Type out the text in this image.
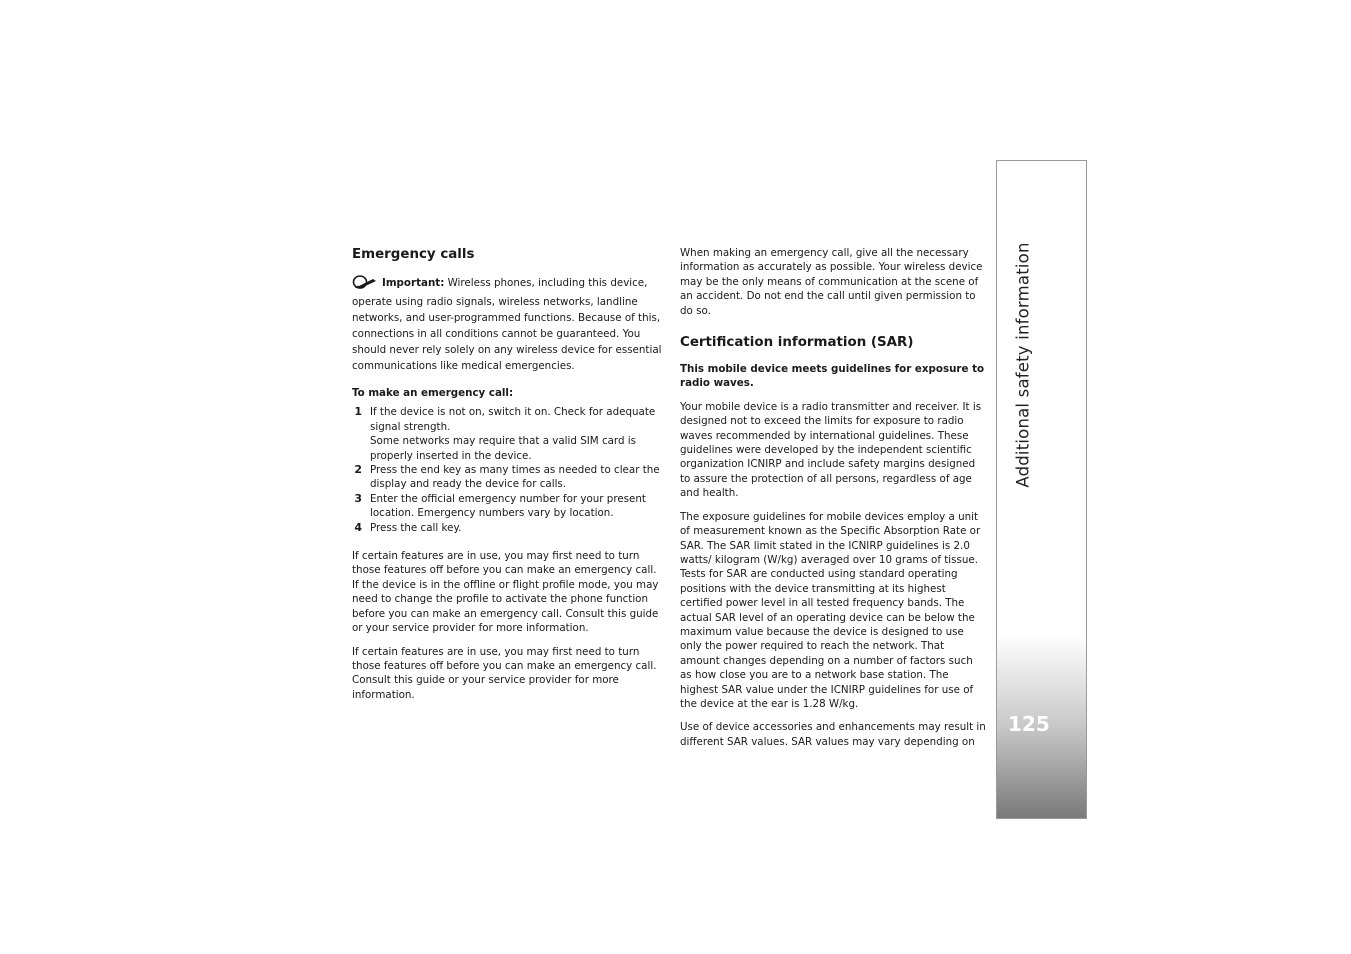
Emergency calls

Important: Wireless phones, including this device, operate using radio signals, wireless networks, landline networks, and user-programmed functions. Because of this, connections in all conditions cannot be guaranteed. You should never rely solely on any wireless device for essential communications like medical emergencies.

To make an emergency call:

1 If the device is not on, switch it on. Check for adequate signal strength.
Some networks may require that a valid SIM card is properly inserted in the device.
2 Press the end key as many times as needed to clear the display and ready the device for calls.
3 Enter the official emergency number for your present location. Emergency numbers vary by location.
4 Press the call key.

If certain features are in use, you may first need to turn those features off before you can make an emergency call. If the device is in the offline or flight profile mode, you may need to change the profile to activate the phone function before you can make an emergency call. Consult this guide or your service provider for more information.

If certain features are in use, you may first need to turn those features off before you can make an emergency call. Consult this guide or your service provider for more information.

When making an emergency call, give all the necessary information as accurately as possible. Your wireless device may be the only means of communication at the scene of an accident. Do not end the call until given permission to do so.

Certification information (SAR)

This mobile device meets guidelines for exposure to radio waves.

Your mobile device is a radio transmitter and receiver. It is designed not to exceed the limits for exposure to radio waves recommended by international guidelines. These guidelines were developed by the independent scientific organization ICNIRP and include safety margins designed to assure the protection of all persons, regardless of age and health.

The exposure guidelines for mobile devices employ a unit of measurement known as the Specific Absorption Rate or SAR. The SAR limit stated in the ICNIRP guidelines is 2.0 watts/ kilogram (W/kg) averaged over 10 grams of tissue. Tests for SAR are conducted using standard operating positions with the device transmitting at its highest certified power level in all tested frequency bands. The actual SAR level of an operating device can be below the maximum value because the device is designed to use only the power required to reach the network. That amount changes depending on a number of factors such as how close you are to a network base station. The highest SAR value under the ICNIRP guidelines for use of the device at the ear is 1.28 W/kg.

Use of device accessories and enhancements may result in different SAR values. SAR values may vary depending on

Additional safety information
125
